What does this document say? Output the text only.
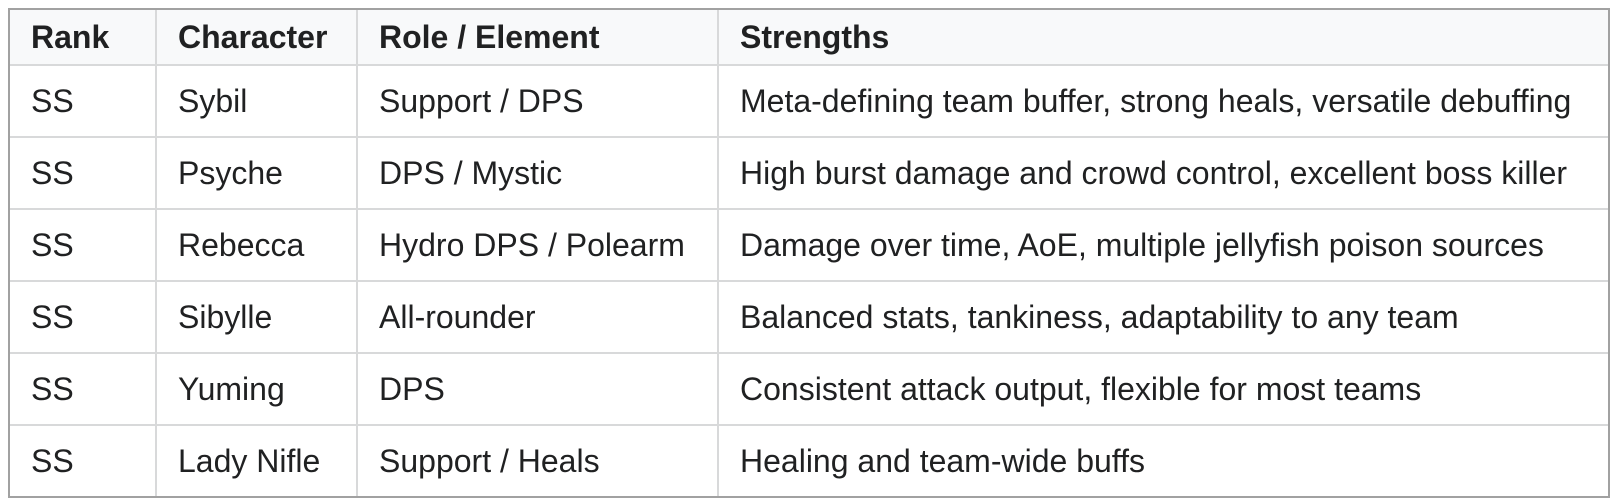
Rank	Character	Role / Element	Strengths
SS	Sybil	Support / DPS	Meta-defining team buffer, strong heals, versatile debuffing
SS	Psyche	DPS / Mystic	High burst damage and crowd control, excellent boss killer
SS	Rebecca	Hydro DPS / Polearm	Damage over time, AoE, multiple jellyfish poison sources
SS	Sibylle	All-rounder	Balanced stats, tankiness, adaptability to any team
SS	Yuming	DPS	Consistent attack output, flexible for most teams
SS	Lady Nifle	Support / Heals	Healing and team-wide buffs
